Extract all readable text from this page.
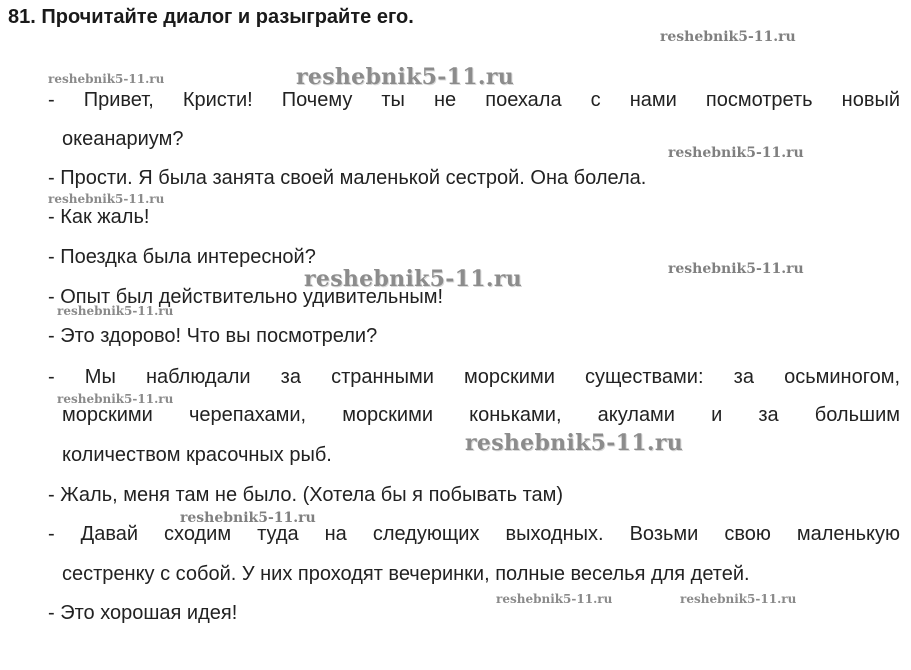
81. Прочитайте диалог и разыграйте его.
- Привет, Кристи! Почему ты не поехала с нами посмотреть новый
океанариум?
- Прости. Я была занята своей маленькой сестрой. Она болела.
- Как жаль!
- Поездка была интересной?
- Опыт был действительно удивительным!
- Это здорово! Что вы посмотрели?
- Мы наблюдали за странными морскими существами: за осьминогом,
морскими черепахами, морскими коньками, акулами и за большим
количеством красочных рыб.
- Жаль, меня там не было. (Хотела бы я побывать там)
- Давай сходим туда на следующих выходных. Возьми свою маленькую
сестренку с собой. У них проходят вечеринки, полные веселья для детей.
- Это хорошая идея!
reshebnik5-11.ru
reshebnik5-11.ru	reshebnik5-11.ru
reshebnik5-11.ru
reshebnik5-11.ru
reshebnik5-11.ru	reshebnik5-11.ru
reshebnik5-11.ru
reshebnik5-11.ru
reshebnik5-11.ru
reshebnik5-11.ru
reshebnik5-11.ru	reshebnik5-11.ru
